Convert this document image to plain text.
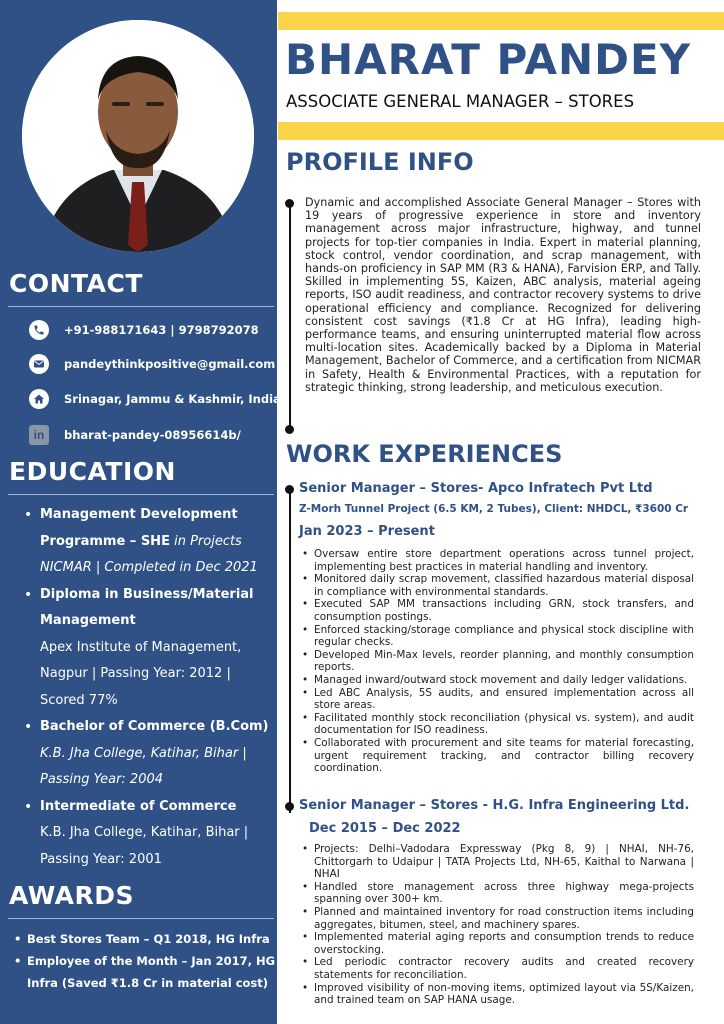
CONTACT
+91-988171643 | 9798792078
pandeythinkpositive@gmail.com
Srinagar, Jammu & Kashmir, India
in bharat-pandey-08956614b/
EDUCATION
• Management Development Programme – SHE in Projects NICMAR | Completed in Dec 2021
• Diploma in Business/Material Management
Apex Institute of Management, Nagpur | Passing Year: 2012 | Scored 77%
• Bachelor of Commerce (B.Com)
K.B. Jha College, Katihar, Bihar | Passing Year: 2004
• Intermediate of Commerce
K.B. Jha College, Katihar, Bihar | Passing Year: 2001
AWARDS
• Best Stores Team – Q1 2018, HG Infra
• Employee of the Month – Jan 2017, HG Infra (Saved ₹1.8 Cr in material cost)
BHARAT PANDEY
ASSOCIATE GENERAL MANAGER – STORES
PROFILE INFO
Dynamic and accomplished Associate General Manager – Stores with 19 years of progressive experience in store and inventory management across major infrastructure, highway, and tunnel projects for top-tier companies in India. Expert in material planning, stock control, vendor coordination, and scrap management, with hands-on proficiency in SAP MM (R3 & HANA), Farvision ERP, and Tally. Skilled in implementing 5S, Kaizen, ABC analysis, material ageing reports, ISO audit readiness, and contractor recovery systems to drive operational efficiency and compliance. Recognized for delivering consistent cost savings (₹1.8 Cr at HG Infra), leading high-performance teams, and ensuring uninterrupted material flow across multi-location sites. Academically backed by a Diploma in Material Management, Bachelor of Commerce, and a certification from NICMAR in Safety, Health & Environmental Practices, with a reputation for strategic thinking, strong leadership, and meticulous execution.
WORK EXPERIENCES
Senior Manager – Stores- Apco Infratech Pvt Ltd
Z-Morh Tunnel Project (6.5 KM, 2 Tubes), Client: NHDCL, ₹3600 Cr
Jan 2023 – Present
• Oversaw entire store department operations across tunnel project, implementing best practices in material handling and inventory.
• Monitored daily scrap movement, classified hazardous material disposal in compliance with environmental standards.
• Executed SAP MM transactions including GRN, stock transfers, and consumption postings.
• Enforced stacking/storage compliance and physical stock discipline with regular checks.
• Developed Min-Max levels, reorder planning, and monthly consumption reports.
• Managed inward/outward stock movement and daily ledger validations.
• Led ABC Analysis, 5S audits, and ensured implementation across all store areas.
• Facilitated monthly stock reconciliation (physical vs. system), and audit documentation for ISO readiness.
• Collaborated with procurement and site teams for material forecasting, urgent requirement tracking, and contractor billing recovery coordination.
Senior Manager – Stores - H.G. Infra Engineering Ltd.
Dec 2015 – Dec 2022
• Projects: Delhi–Vadodara Expressway (Pkg 8, 9) | NHAI, NH-76, Chittorgarh to Udaipur | TATA Projects Ltd, NH-65, Kaithal to Narwana | NHAI
• Handled store management across three highway mega-projects spanning over 300+ km.
• Planned and maintained inventory for road construction items including aggregates, bitumen, steel, and machinery spares.
• Implemented material aging reports and consumption trends to reduce overstocking.
• Led periodic contractor recovery audits and created recovery statements for reconciliation.
• Improved visibility of non-moving items, optimized layout via 5S/Kaizen, and trained team on SAP HANA usage.
